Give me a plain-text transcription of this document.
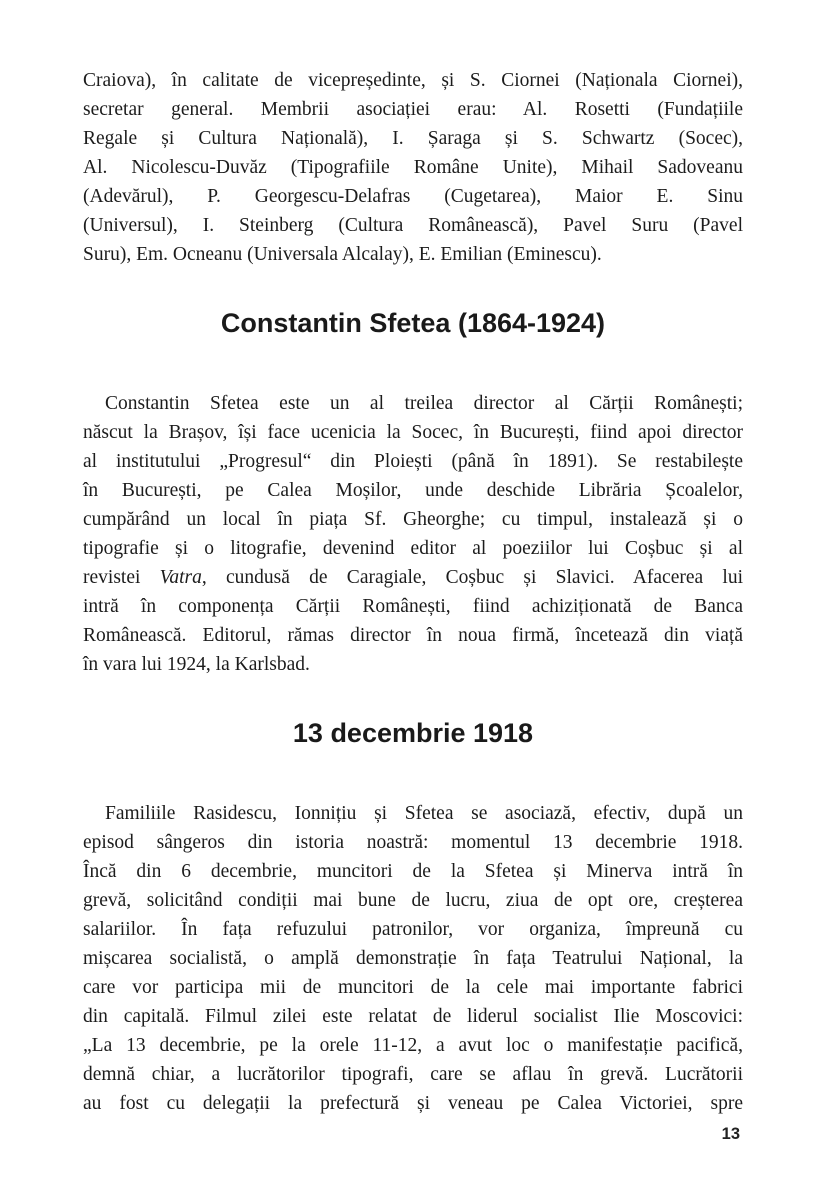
Craiova), în calitate de vicepreședinte, și S. Ciornei (Naționala Ciornei),
secretar general. Membrii asociației erau: Al. Rosetti (Fundațiile
Regale și Cultura Națională), I. Șaraga și S. Schwartz (Socec),
Al. Nicolescu-Duvăz (Tipografiile Române Unite), Mihail Sadoveanu
(Adevărul), P. Georgescu-Delafras (Cugetarea), Maior E. Sinu
(Universul), I. Steinberg (Cultura Românească), Pavel Suru (Pavel
Suru), Em. Ocneanu (Universala Alcalay), E. Emilian (Eminescu).
Constantin Sfetea (1864-1924)
Constantin Sfetea este un al treilea director al Cărții Românești;
născut la Brașov, își face ucenicia la Socec, în București, fiind apoi director
al institutului „Progresul“ din Ploiești (până în 1891). Se restabilește
în București, pe Calea Moșilor, unde deschide Librăria Școalelor,
cumpărând un local în piața Sf. Gheorghe; cu timpul, instalează și o
tipografie și o litografie, devenind editor al poeziilor lui Coșbuc și al
revistei Vatra, cundusă de Caragiale, Coșbuc și Slavici. Afacerea lui
intră în componența Cărții Românești, fiind achiziționată de Banca
Românească. Editorul, rămas director în noua firmă, încetează din viață
în vara lui 1924, la Karlsbad.
13 decembrie 1918
Familiile Rasidescu, Ionnițiu și Sfetea se asociază, efectiv, după un
episod sângeros din istoria noastră: momentul 13 decembrie 1918.
Încă din 6 decembrie, muncitori de la Sfetea și Minerva intră în
grevă, solicitând condiții mai bune de lucru, ziua de opt ore, creșterea
salariilor. În fața refuzului patronilor, vor organiza, împreună cu
mișcarea socialistă, o amplă demonstrație în fața Teatrului Național, la
care vor participa mii de muncitori de la cele mai importante fabrici
din capitală. Filmul zilei este relatat de liderul socialist Ilie Moscovici:
„La 13 decembrie, pe la orele 11-12, a avut loc o manifestație pacifică,
demnă chiar, a lucrătorilor tipografi, care se aflau în grevă. Lucrătorii
au fost cu delegații la prefectură și veneau pe Calea Victoriei, spre
13
